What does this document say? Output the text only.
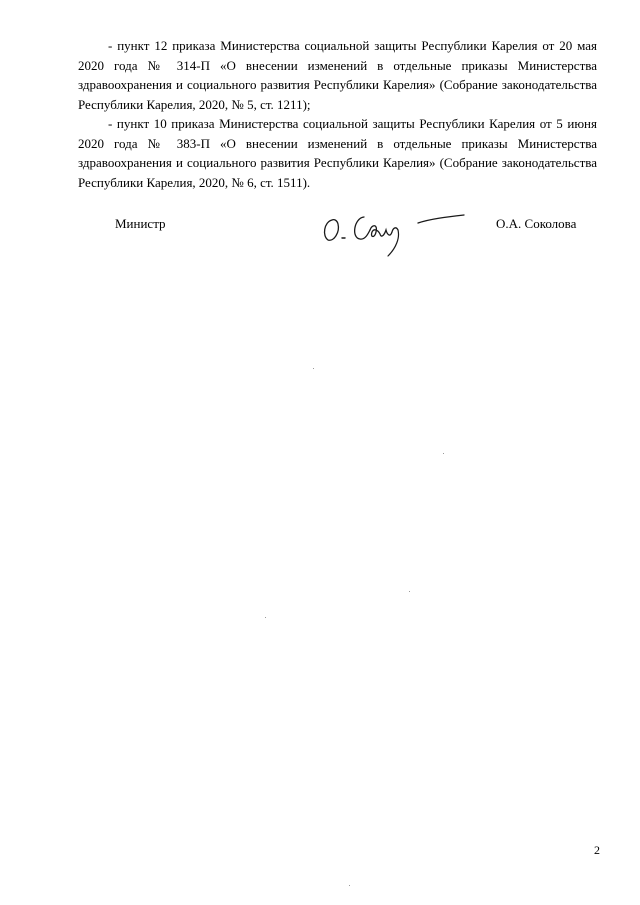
- пункт 12 приказа Министерства социальной защиты Республики Карелия от 20 мая 2020 года № 314-П «О внесении изменений в отдельные приказы Министерства здравоохранения и социального развития Республики Карелия» (Собрание законодательства Республики Карелия, 2020, № 5, ст. 1211);

- пункт 10 приказа Министерства социальной защиты Республики Карелия от 5 июня 2020 года № 383-П «О внесении изменений в отдельные приказы Министерства здравоохранения и социального развития Республики Карелия» (Собрание законодательства Республики Карелия, 2020, № 6, ст. 1511).

Министр	О.А. Соколова
2
